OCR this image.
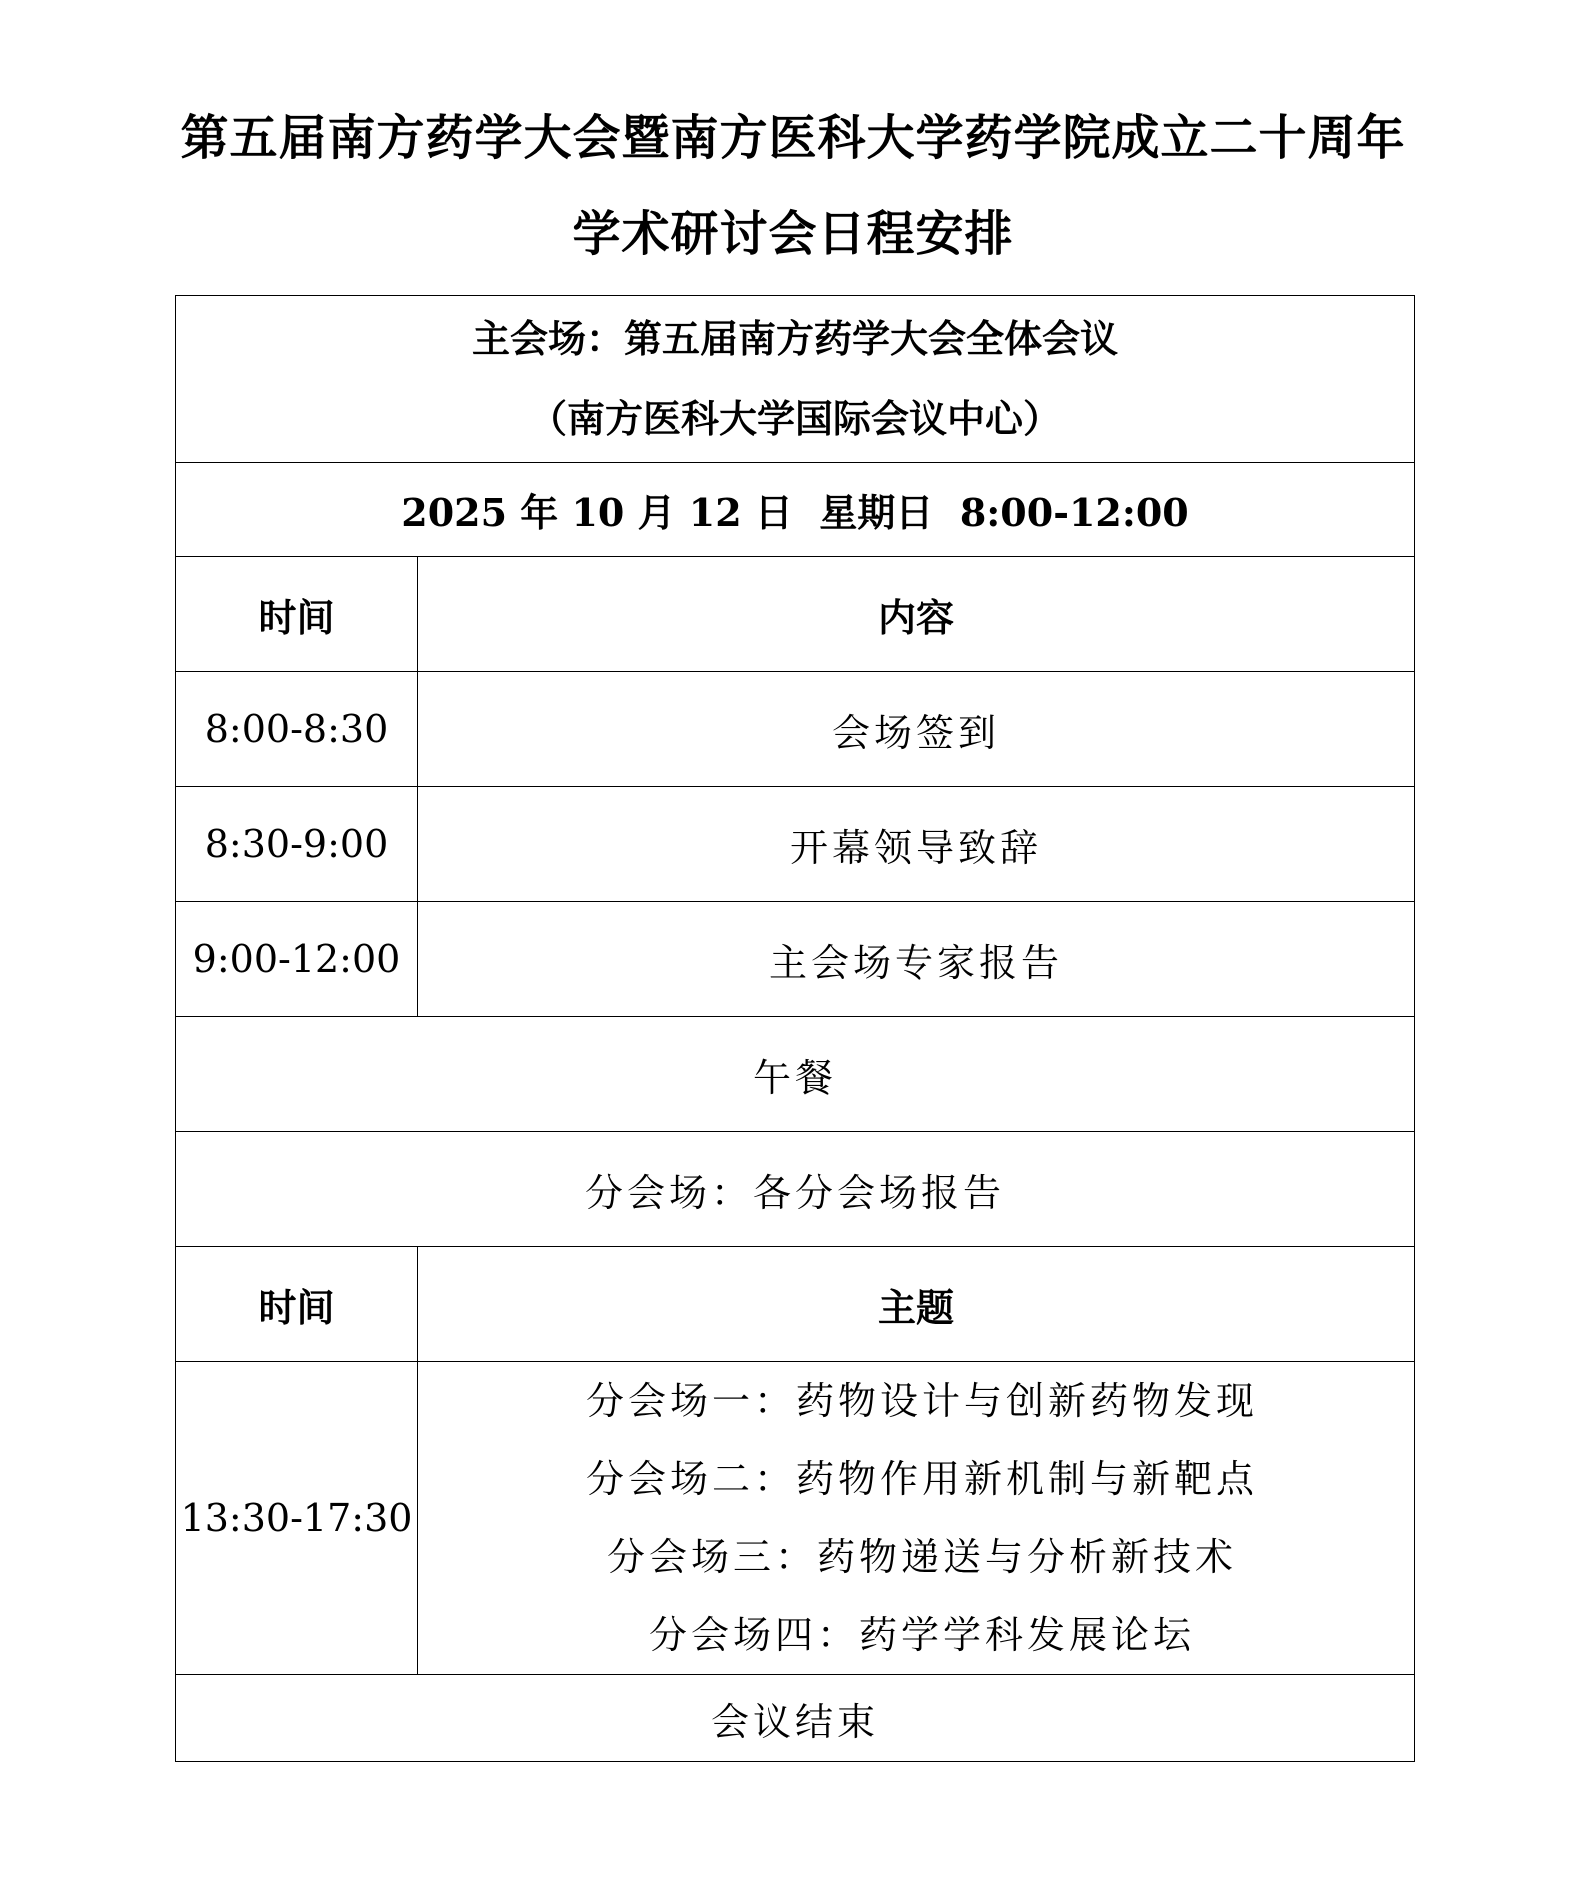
第五届南方药学大会暨南方医科大学药学院成立二十周年
学术研讨会日程安排
主会场：第五届南方药学大会全体会议
（南方医科大学国际会议中心）	

2025 年 10 月 12 日  星期日  8:00-12:00	
时间	内容
8:00-8:30	会场签到
8:30-9:00	开幕领导致辞
9:00-12:00	主会场专家报告
午餐	
分会场：各分会场报告	
时间	主题
13:30-17:30	分会场一：药物设计与创新药物发现
分会场二：药物作用新机制与新靶点
分会场三：药物递送与分析新技术
分会场四：药学学科发展论坛

会议结束	
